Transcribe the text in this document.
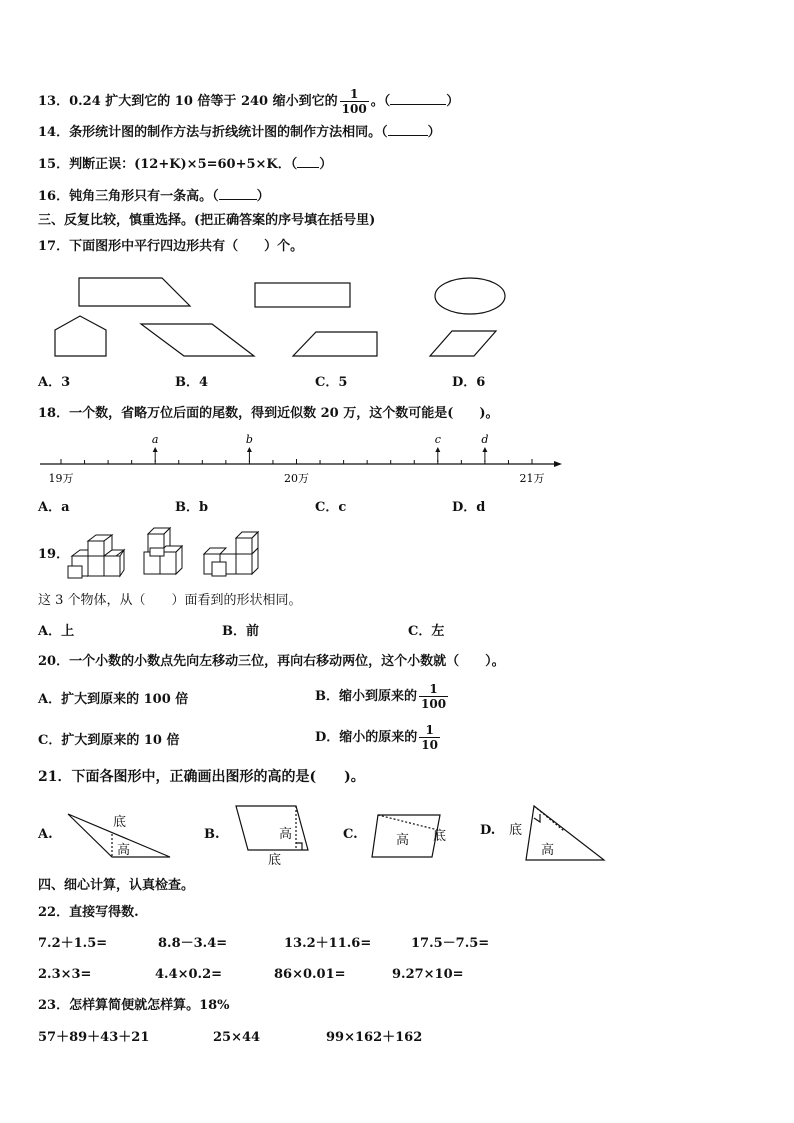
13．0.24 扩大到它的 10 倍等于 240 缩小到它的 $\frac{1}{100}$ 。（	）
14．条形统计图的制作方法与折线统计图的制作方法相同。（	）
15．判断正误：(12+K)×5=60+5×K．（ ）
16．钝角三角形只有一条高。（	）
三、反复比较，慎重选择。(把正确答案的序号填在括号里)
17．下面图形中平行四边形共有（　　）个。
A．3	B．4	C．5	D．6
18．一个数，省略万位后面的尾数，得到近似数 20 万，这个数可能是(　　)。
19万	20万	21万
a	b	c	d
A．a	B．b	C．c	D．d
19．
这 3 个物体，从（　　）面看到的形状相同。
A．上	B．前	C．左
20．一个小数的小数点先向左移动三位，再向右移动两位，这个小数就（　　）。
A．扩大到原来的 100 倍	B．缩小到原来的 $\frac{1}{100}$
C．扩大到原来的 10 倍	D．缩小的原来的 $\frac{1}{10}$
21．下面各图形中，正确画出图形的高的是(　　)。
A.	B.	C.	D.
底
高
高
底
高 底	底
高
四、细心计算，认真检查。
22．直接写得数.
7.2＋1.5=	8.8－3.4=	13.2＋11.6=	17.5－7.5=
2.3×3=	4.4×0.2=	86×0.01=	9.27×10=
23．怎样算简便就怎样算。18%
57＋89＋43＋21	25×44	99×162＋162
